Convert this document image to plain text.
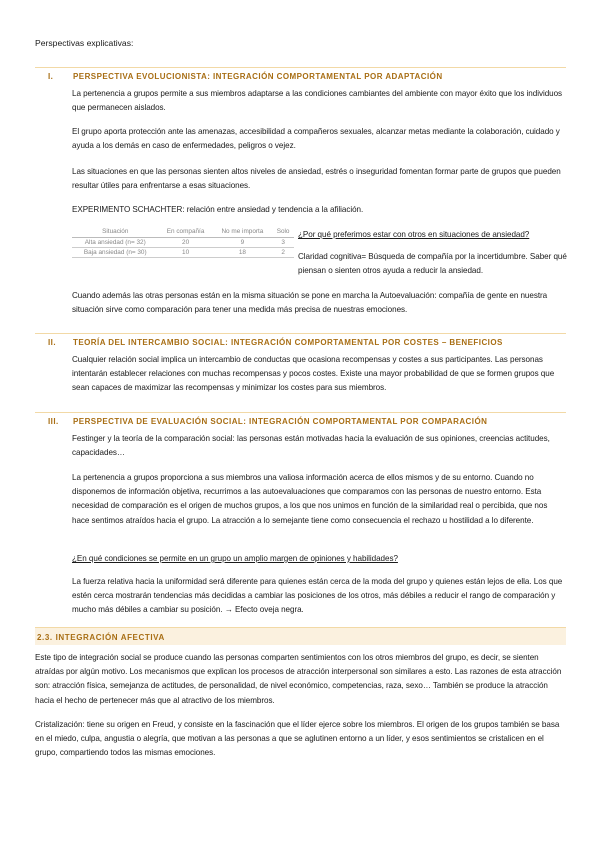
Perspectivas explicativas:
I. PERSPECTIVA EVOLUCIONISTA: INTEGRACIÓN COMPORTAMENTAL POR ADAPTACIÓN

La pertenencia a grupos permite a sus miembros adaptarse a las condiciones cambiantes del ambiente con mayor éxito que los individuos que permanecen aislados.

El grupo aporta protección ante las amenazas, accesibilidad a compañeros sexuales, alcanzar metas mediante la colaboración, cuidado y ayuda a los demás en caso de enfermedades, peligros o vejez.

Las situaciones en que las personas sienten altos niveles de ansiedad, estrés o inseguridad fomentan formar parte de grupos que pueden resultar útiles para enfrentarse a esas situaciones.

EXPERIMENTO SCHACHTER: relación entre ansiedad y tendencia a la afiliación.

Situación	En compañía	No me importa	Solo
Alta ansiedad (n= 32)	20	9	3
Baja ansiedad (n= 30)	10	18	2

¿Por qué preferimos estar con otros en situaciones de ansiedad?

Claridad cognitiva= Búsqueda de compañía por la incertidumbre. Saber qué piensan o sienten otros ayuda a reducir la ansiedad.

Cuando además las otras personas están en la misma situación se pone en marcha la Autoevaluación: compañía de gente en nuestra situación sirve como comparación para tener una medida más precisa de nuestras emociones.

II. TEORÍA DEL INTERCAMBIO SOCIAL: INTEGRACIÓN COMPORTAMENTAL POR COSTES – BENEFICIOS

Cualquier relación social implica un intercambio de conductas que ocasiona recompensas y costes a sus participantes. Las personas intentarán establecer relaciones con muchas recompensas y pocos costes. Existe una mayor probabilidad de que se formen grupos que sean capaces de maximizar las recompensas y minimizar los costes para sus miembros.

III. PERSPECTIVA DE EVALUACIÓN SOCIAL: INTEGRACIÓN COMPORTAMENTAL POR COMPARACIÓN

Festinger y la teoría de la comparación social: las personas están motivadas hacia la evaluación de sus opiniones, creencias actitudes, capacidades…

La pertenencia a grupos proporciona a sus miembros una valiosa información acerca de ellos mismos y de su entorno. Cuando no disponemos de información objetiva, recurrimos a las autoevaluaciones que comparamos con las personas de nuestro entorno. Esta necesidad de comparación es el origen de muchos grupos, a los que nos unimos en función de la similaridad real o percibida, que nos hace sentimos atraídos hacia el grupo. La atracción a lo semejante tiene como consecuencia el rechazo u hostilidad a lo diferente.

¿En qué condiciones se permite en un grupo un amplio margen de opiniones y habilidades?

La fuerza relativa hacia la uniformidad será diferente para quienes están cerca de la moda del grupo y quienes están lejos de ella. Los que estén cerca mostrarán tendencias más decididas a cambiar las posiciones de los otros, más débiles a reducir el rango de comparación y mucho más débiles a cambiar su posición. → Efecto oveja negra.

2.3. INTEGRACIÓN AFECTIVA

Este tipo de integración social se produce cuando las personas comparten sentimientos con los otros miembros del grupo, es decir, se sienten atraídas por algún motivo. Los mecanismos que explican los procesos de atracción interpersonal son similares a esto. Las razones de esta atracción son: atracción física, semejanza de actitudes, de personalidad, de nivel económico, competencias, raza, sexo… También se produce la atracción hacia el hecho de pertenecer más que al atractivo de los miembros.

Cristalización: tiene su origen en Freud, y consiste en la fascinación que el líder ejerce sobre los miembros. El origen de los grupos también se basa en el miedo, culpa, angustia o alegría, que motivan a las personas a que se aglutinen entorno a un líder, y esos sentimientos se cristalicen en el grupo, compartiendo todos las mismas emociones.
